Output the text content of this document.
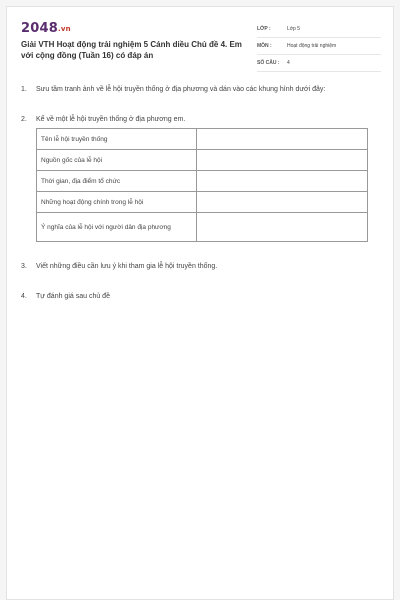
2048.vn
Giải VTH Hoạt động trải nghiệm 5 Cánh diều Chủ đề 4. Em với cộng đồng (Tuần 16) có đáp án
LỚP :	Lớp 5
MÔN :	Hoạt động trải nghiệm
SỐ CÂU :	4
1.	Sưu tầm tranh ảnh về lễ hội truyền thống ở địa phương và dán vào các khung hình dưới đây:
2.	Kể về một lễ hội truyền thống ở địa phương em.
Tên lễ hội truyền thống	
Nguồn gốc của lễ hội	
Thời gian, địa điểm tổ chức	
Những hoạt động chính trong lễ hội	
Ý nghĩa của lễ hội với người dân địa phương	
3.	Viết những điều cần lưu ý khi tham gia lễ hội truyền thống.
4.	Tự đánh giá sau chủ đề
